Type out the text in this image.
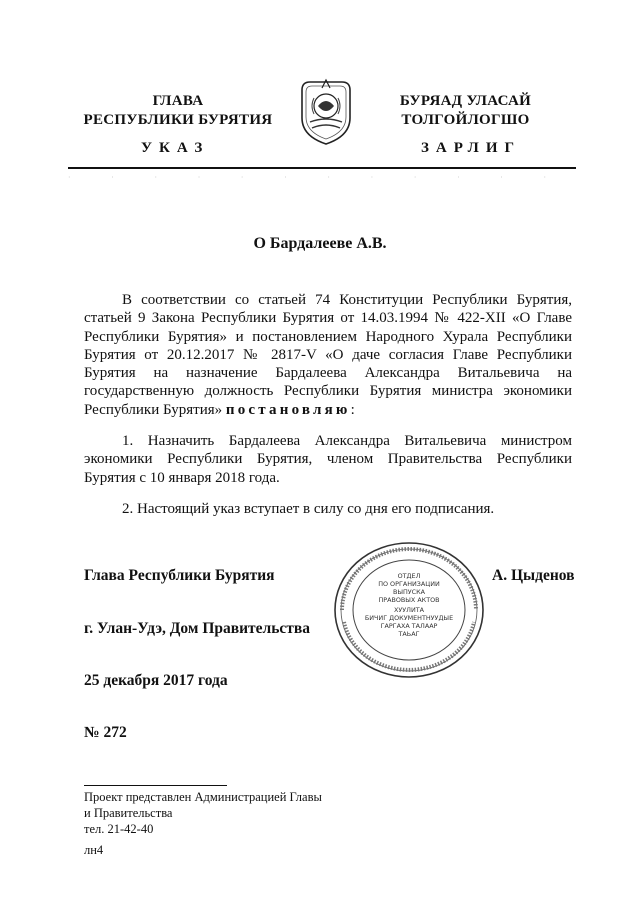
ГЛАВА
РЕСПУБЛИКИ БУРЯТИЯ
БУРЯАД УЛАСАЙ
ТОЛГОЙЛОГШО
УКАЗ	ЗАРЛИГ
·                ·                ·                ·                ·                ·                ·                ·                ·                ·                ·                ·
О Бардалееве А.В.
В соответствии со статьей 74 Конституции Республики Бурятия, статьей 9 Закона Республики Бурятия от 14.03.1994 № 422-XII «О Главе Республики Бурятия» и постановлением Народного Хурала Республики Бурятия от 20.12.2017 № 2817-V «О даче согласия Главе Республики Бурятия на назначение Бардалеева Александра Витальевича на государственную должность Республики Бурятия министра экономики Республики Бурятия» постановляю:
1. Назначить Бардалеева Александра Витальевича министром экономики Республики Бурятия, членом Правительства Республики Бурятия с 10 января 2018 года.
2. Настоящий указ вступает в силу со дня его подписания.
Глава Республики Бурятия	А. Цыденов
г. Улан-Удэ, Дом Правительства
25 декабря 2017 года
№ 272
ОТДЕЛ
ПО ОРГАНИЗАЦИИ
ВЫПУСКА
ПРАВОВЫХ АКТОВ
ХУУЛИТА
БИЧИГ ДОКУМЕНТНУУДЫЕ
ГАРГАХА ТАЛААР
ТАЬАГ
Проект представлен Администрацией Главы
и Правительства
тел. 21-42-40
лн4
